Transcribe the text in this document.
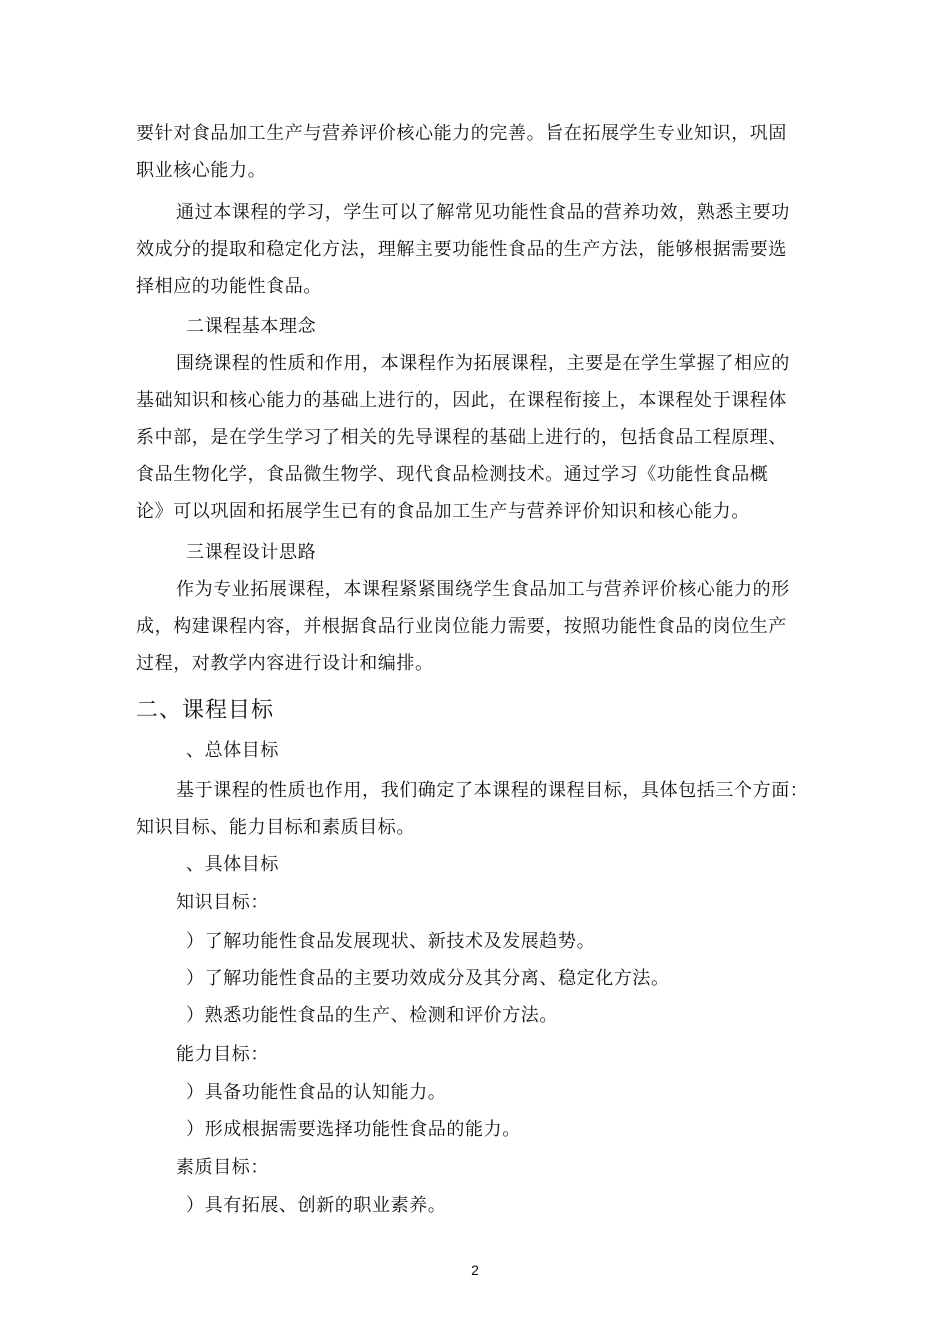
要针对食品加工生产与营养评价核心能力的完善。旨在拓展学生专业知识，巩固
职业核心能力。
通过本课程的学习，学生可以了解常见功能性食品的营养功效，熟悉主要功
效成分的提取和稳定化方法，理解主要功能性食品的生产方法，能够根据需要选
择相应的功能性食品。
二课程基本理念
围绕课程的性质和作用，本课程作为拓展课程，主要是在学生掌握了相应的
基础知识和核心能力的基础上进行的，因此，在课程衔接上，本课程处于课程体
系中部，是在学生学习了相关的先导课程的基础上进行的，包括食品工程原理、
食品生物化学，食品微生物学、现代食品检测技术。通过学习《功能性食品概
论》可以巩固和拓展学生已有的食品加工生产与营养评价知识和核心能力。
三课程设计思路
作为专业拓展课程，本课程紧紧围绕学生食品加工与营养评价核心能力的形
成，构建课程内容，并根据食品行业岗位能力需要，按照功能性食品的岗位生产
过程，对教学内容进行设计和编排。
二、课程目标
、总体目标
基于课程的性质也作用，我们确定了本课程的课程目标，具体包括三个方面：
知识目标、能力目标和素质目标。
、具体目标
知识目标：
）了解功能性食品发展现状、新技术及发展趋势。
）了解功能性食品的主要功效成分及其分离、稳定化方法。
）熟悉功能性食品的生产、检测和评价方法。
能力目标：
）具备功能性食品的认知能力。
）形成根据需要选择功能性食品的能力。
素质目标：
）具有拓展、创新的职业素养。
2
